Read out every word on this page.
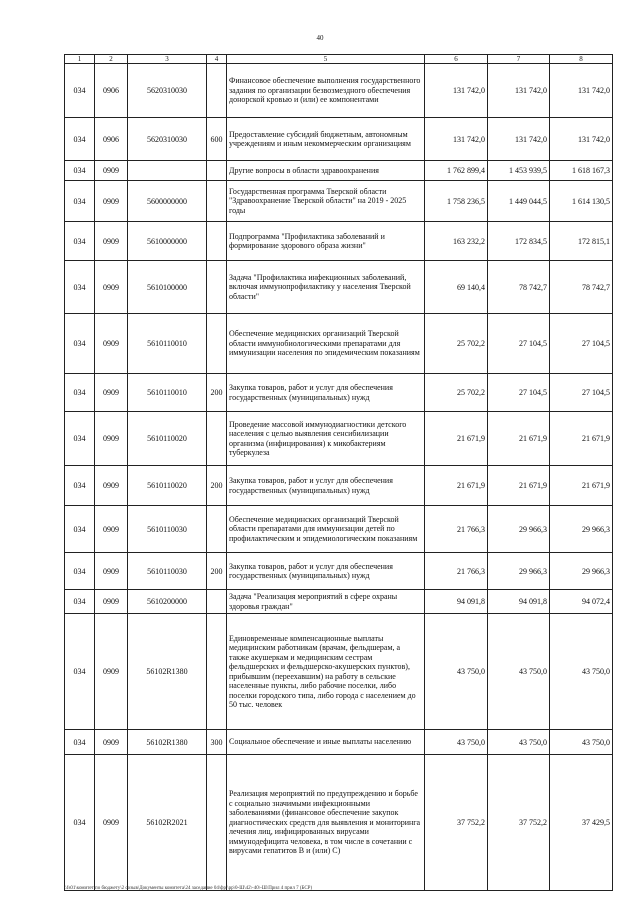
40
1	2	3	4	5	6	7	8
034	0906	5620310030		Финансовое обеспечение выполнения государственного задания по организации безвозмездного обеспечения донорской кровью и (или) ее компонентами	131 742,0	131 742,0	131 742,0
034	0906	5620310030	600	Предоставление субсидий бюджетным, автономным учреждениям и иным некоммерческим организациям	131 742,0	131 742,0	131 742,0
034	0909			Другие вопросы в области здравоохранения	1 762 899,4	1 453 939,5	1 618 167,3
034	0909	5600000000		Государственная программа Тверской области "Здравоохранение Тверской области" на 2019 - 2025 годы	1 758 236,5	1 449 044,5	1 614 130,5
034	0909	5610000000		Подпрограмма "Профилактика заболеваний и формирование здорового образа жизни"	163 232,2	172 834,5	172 815,1
034	0909	5610100000		Задача "Профилактика инфекционных заболеваний, включая иммунопрофилактику у населения Тверской области"	69 140,4	78 742,7	78 742,7
034	0909	5610110010		Обеспечение медицинских организаций Тверской области иммунобиологическими препаратами для иммунизации населения по эпидемическим показаниям	25 702,2	27 104,5	27 104,5
034	0909	5610110010	200	Закупка товаров, работ и услуг для обеспечения государственных (муниципальных) нужд	25 702,2	27 104,5	27 104,5
034	0909	5610110020		Проведение массовой иммунодиагностики детского населения с целью выявления сенсибилизации организма (инфицирования) к микобактериям туберкулеза	21 671,9	21 671,9	21 671,9
034	0909	5610110020	200	Закупка товаров, работ и услуг для обеспечения государственных (муниципальных) нужд	21 671,9	21 671,9	21 671,9
034	0909	5610110030		Обеспечение медицинских организаций Тверской области препаратами для иммунизации детей по профилактическим и эпидемиологическим показаниям	21 766,3	29 966,3	29 966,3
034	0909	5610110030	200	Закупка товаров, работ и услуг для обеспечения государственных (муниципальных) нужд	21 766,3	29 966,3	29 966,3
034	0909	5610200000		Задача "Реализация мероприятий в сфере охраны здоровья граждан"	94 091,8	94 091,8	94 072,4
034	0909	56102R1380		Единовременные компенсационные выплаты медицинским работникам (врачам, фельдшерам, а также акушеркам и медицинским сестрам фельдшерских и фельдшерско-акушерских пунктов), прибывшим (переехавшим) на работу в сельские населенные пункты, либо рабочие поселки, либо поселки городского типа, либо города с населением до 50 тыс. человек	43 750,0	43 750,0	43 750,0
034	0909	56102R1380	300	Социальное обеспечение и иные выплаты населению	43 750,0	43 750,0	43 750,0
034	0909	56102R2021		Реализация мероприятий по предупреждению и борьбе с социально значимыми инфекционными заболеваниями (финансовое обеспечение закупок диагностических средств для выявления и мониторинга лечения лиц, инфицированных вирусами иммунодефицита человека, в том числе в сочетании с вирусами гепатитов В и (или) С)	37 752,2	37 752,2	37 429,5
\\fs01\комитет по бюджету\2 созыв\Документы комитета\24 заседание 04\фр.\рр\0-Ш\42\-40\-Ш\Прил 4 прил 7 (БСР)
